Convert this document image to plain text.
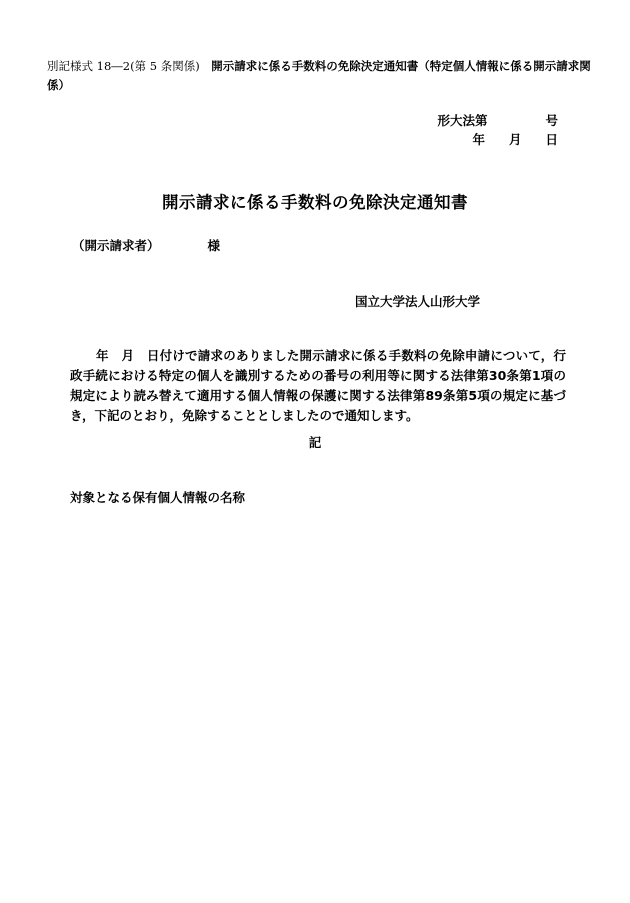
別記様式 18―2(第 5 条関係)　 開示請求に係る手数料の免除決定通知書（特定個人情報に係る開示請求関係）
形大法第	号
年 月 日
開示請求に係る手数料の免除決定通知書
（開示請求者）	様
国立大学法人山形大学
年　月　日付けで請求のありました開示請求に係る手数料の免除申請について，行政手続における特定の個人を識別するための番号の利用等に関する法律第30条第1項の規定により読み替えて適用する個人情報の保護に関する法律第89条第5項の規定に基づき，下記のとおり，免除することとしましたので通知します。
記
対象となる保有個人情報の名称
